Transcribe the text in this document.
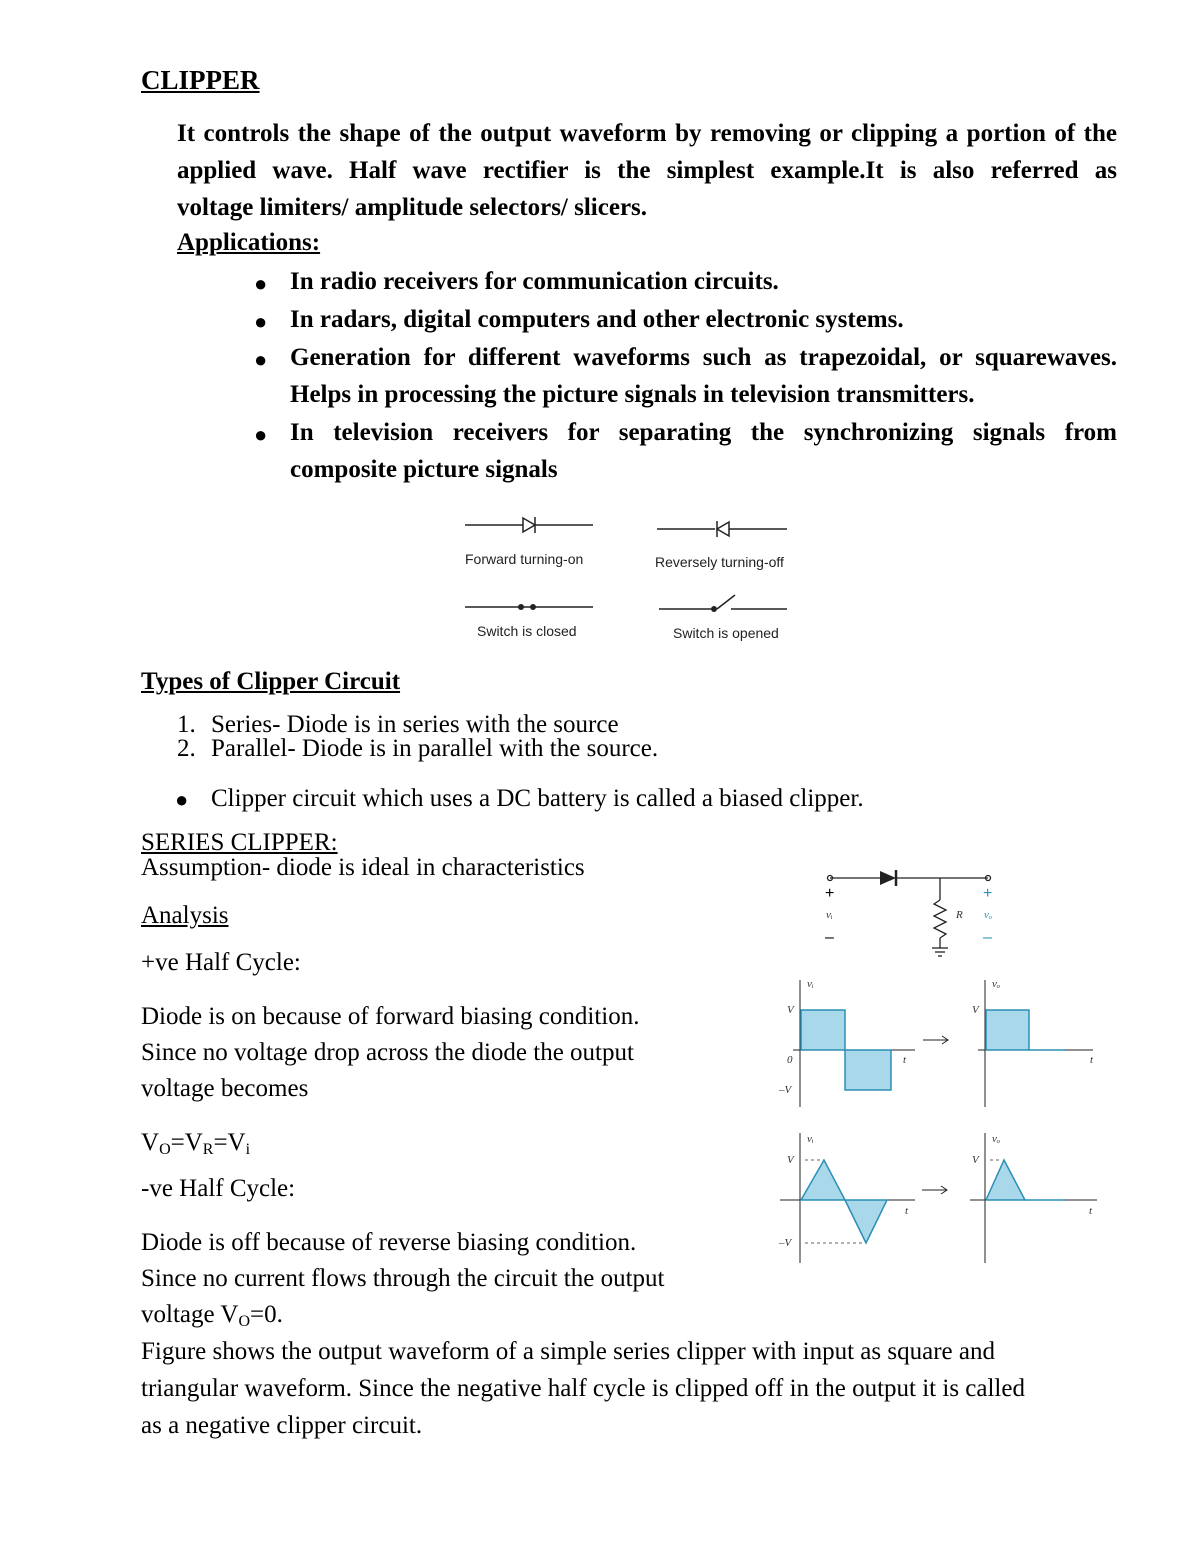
CLIPPER
It controls the shape of the output waveform by removing or clipping a portion of the
applied wave. Half wave rectifier is the simplest example.It is also referred as
voltage limiters/ amplitude selectors/ slicers.
Applications:
● In radio receivers for communication circuits.
● In radars, digital computers and other electronic systems.
● Generation for different waveforms such as trapezoidal, or squarewaves.
Helps in processing the picture signals in television transmitters.
● In television receivers for separating the synchronizing signals from
composite picture signals
Forward turning-on	Reversely turning-off
Switch is closed	Switch is opened
Types of Clipper Circuit
1. Series- Diode is in series with the source
2. Parallel- Diode is in parallel with the source.
● Clipper circuit which uses a DC battery is called a biased clipper.
SERIES CLIPPER:
Assumption- diode is ideal in characteristics
Analysis
+ve Half Cycle:
Diode is on because of forward biasing condition.
Since no voltage drop across the diode the output
voltage becomes
$V_O=V_R=V_i$
-ve Half Cycle:
Diode is off because of reverse biasing condition.
Since no current flows through the circuit the output
voltage $V_O=0$.
Figure shows the output waveform of a simple series clipper with input as square and
triangular waveform. Since the negative half cycle is clipped off in the output it is called
as a negative clipper circuit.
+
vᵢ
–
R
+
vₒ
–
V
0
–V
vᵢ
t
V
vₒ
t
V
–V
vᵢ
t
V
vₒ
t
